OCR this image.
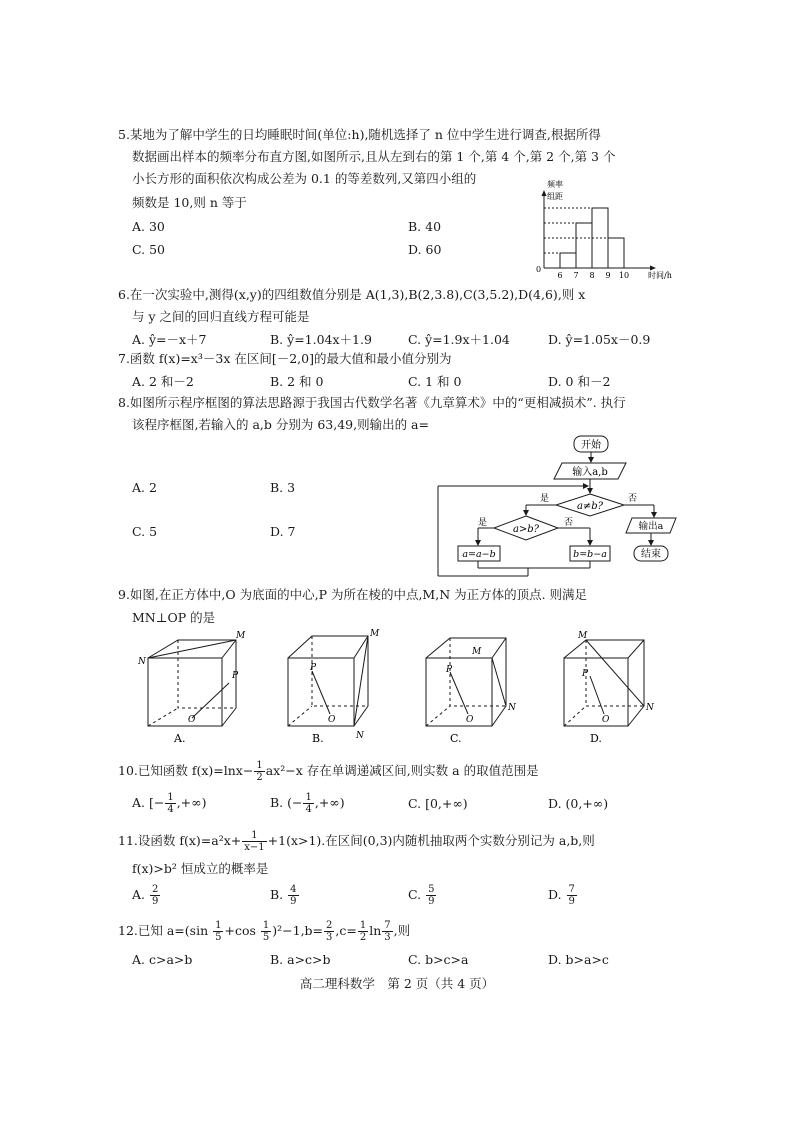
5.某地为了解中学生的日均睡眠时间(单位:h),随机选择了 n 位中学生进行调查,根据所得
数据画出样本的频率分布直方图,如图所示,且从左到右的第 1 个,第 4 个,第 2 个,第 3 个
小长方形的面积依次构成公差为 0.1 的等差数列,又第四小组的
频数是 10,则 n 等于
A. 30	B. 40
C. 50	D. 60
频率
组距
0
时间/h
6 7 8 9 10
6.在一次实验中,测得(x,y)的四组数值分别是 A(1,3),B(2,3.8),C(3,5.2),D(4,6),则 x
与 y 之间的回归直线方程可能是
A. ŷ=－x＋7	B. ŷ=1.04x＋1.9	C. ŷ=1.9x＋1.04	D. ŷ=1.05x－0.9
7.函数 f(x)=x³－3x 在区间[－2,0]的最大值和最小值分别为
A. 2 和－2	B. 2 和 0	C. 1 和 0	D. 0 和－2
8.如图所示程序框图的算法思路源于我国古代数学名著《九章算术》中的“更相减损术”. 执行
该程序框图,若输入的 a,b 分别为 63,49,则输出的 a=
A. 2	B. 3
C. 5	D. 7
开始
输入a,b
a≠b?
是	否
a>b?
是	否
a=a−b	b=b−a
输出a
结束
9.如图,在正方体中,O 为底面的中心,P 为所在棱的中点,M,N 为正方体的顶点. 则满足
MN⊥OP 的是
M
N
P
O
A.
M
N
P
O
B.
M
N
P
O
C.
M
N
P
O
D.
10.已知函数 $f(x)=\ln x- \frac{1}{2} ax^2-x$ 存在单调递减区间,则实数 a 的取值范围是
A. [− $\frac{1}{4}$ ,+∞)	B. (− $\frac{1}{4}$ ,+∞)	C. [0,+∞)	D. (0,+∞)
11.设函数 $f(x)=a^2x+ \frac{1}{x-1} +1(x>1)$.在区间(0,3)内随机抽取两个实数分别记为 a,b,则
f(x)>b² 恒成立的概率是
A. $\frac{2}{9}$	B. $\frac{4}{9}$	C. $\frac{5}{9}$	D. $\frac{7}{9}$
12.已知 $a=(\sin \frac{1}{5} +\cos \frac{1}{5} )^2-1,b= \frac{2}{3} ,c= \frac{1}{2}$ $\ln \frac{7}{3}$ ,则
A. c>a>b	B. a>c>b	C. b>c>a	D. b>a>c
高二理科数学　第 2 页（共 4 页）
